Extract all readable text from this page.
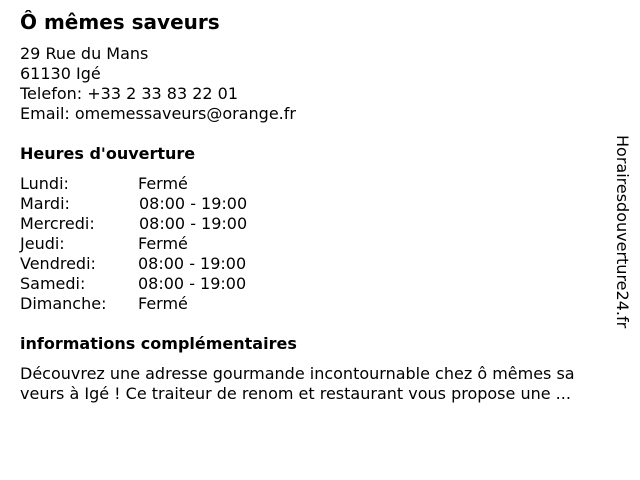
Ô mêmes saveurs
29 Rue du Mans
61130 Igé
Telefon: +33 2 33 83 22 01
Email: omemessaveurs@orange.fr
Heures d'ouverture
Lundi:	Fermé
Mardi:	08:00 - 19:00
Mercredi:	08:00 - 19:00
Jeudi:	Fermé
Vendredi:	08:00 - 19:00
Samedi:	08:00 - 19:00
Dimanche: Fermé
informations complémentaires
Découvrez une adresse gourmande incontournable chez ô mêmes sa
veurs à Igé ! Ce traiteur de renom et restaurant vous propose une ...
Horairesdouverture24.fr
